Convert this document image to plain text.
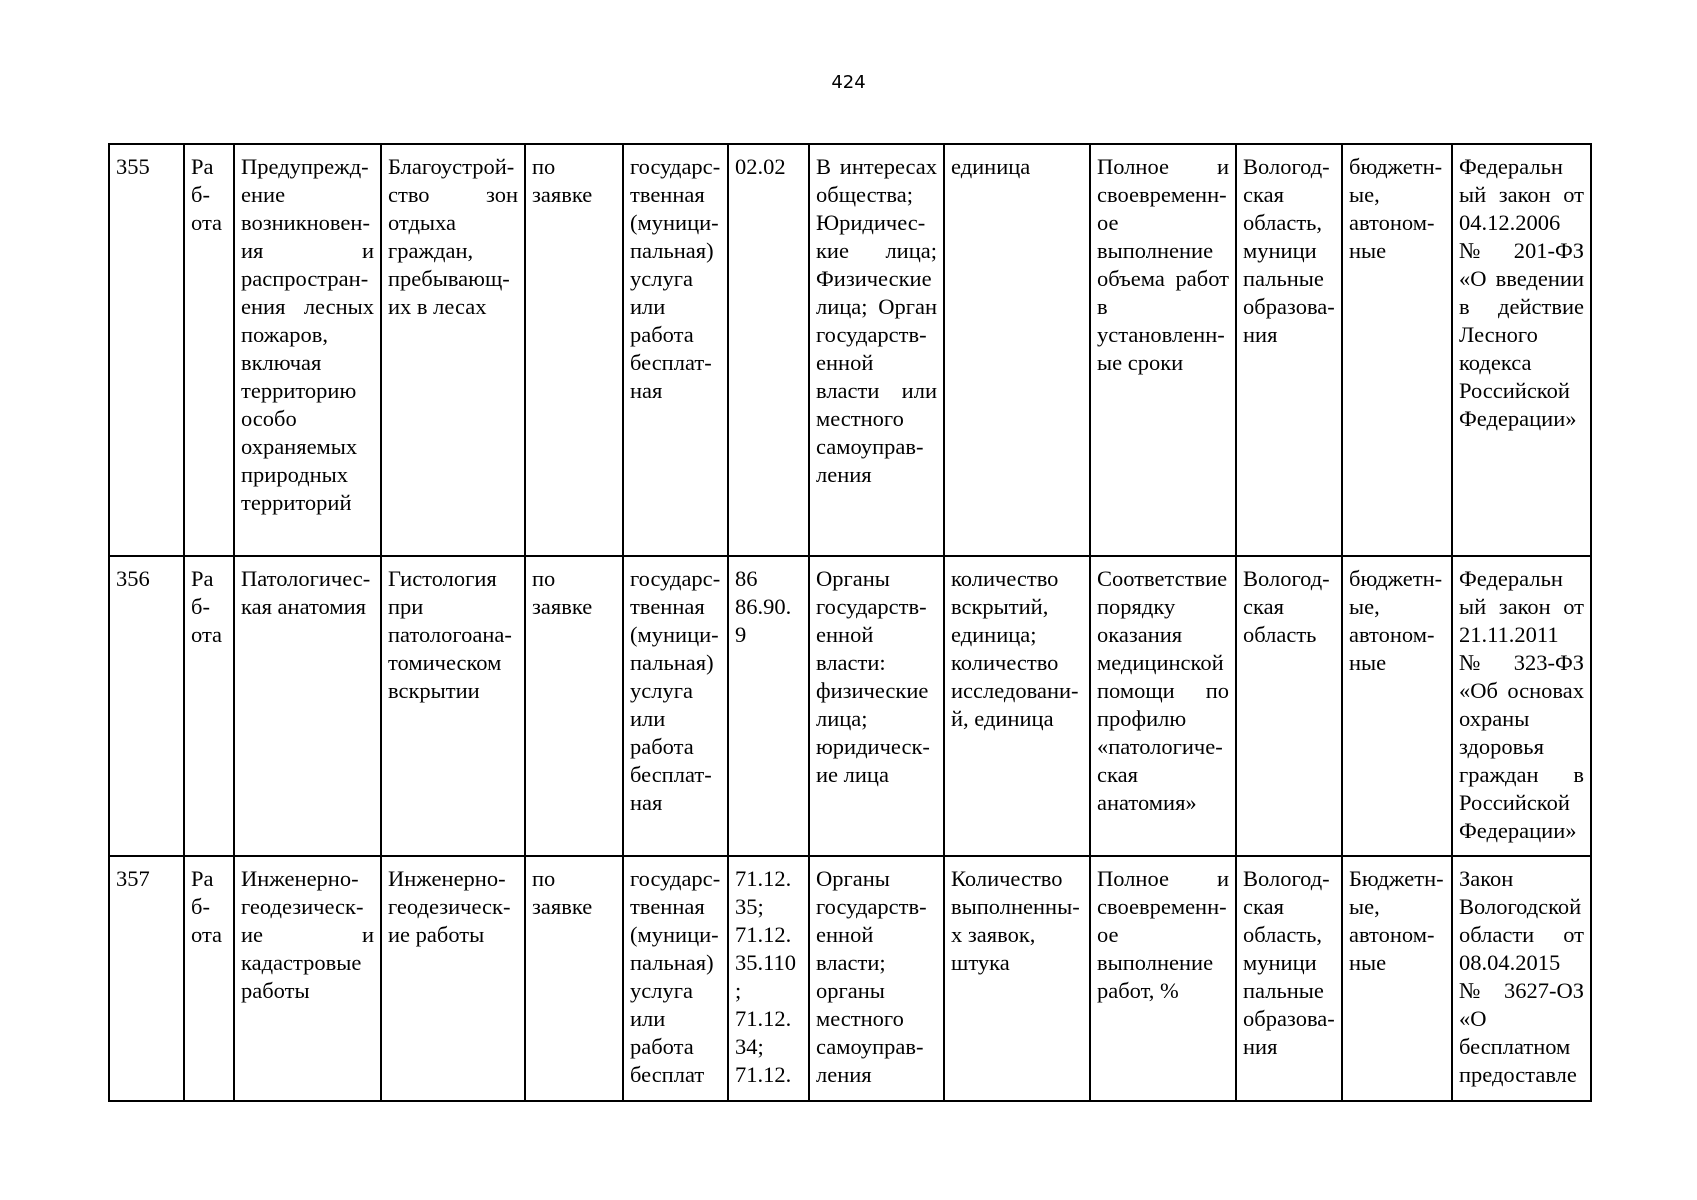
424
355	Работа	Предупреждение возникновения и распространения лесных пожаров, включая территорию особо охраняемых природных территорий	Благоустройство зон отдыха граждан, пребывающих в лесах	по заявке	государственная (муниципальная) услуга или работа бесплатная	02.02	В интересах общества; Юридические лица; Физические лица; Орган государственной власти или местного самоуправления	единица	Полное и своевременное выполнение объема работ в установленные сроки	Вологодская область, муниципальные образования	бюджетные, автономные	Федеральный закон от 04.12.2006 № 201-ФЗ «О введении в действие Лесного кодекса Российской Федерации»
356	Работа	Патологическая анатомия	Гистология при патологоанатомическом вскрытии	по заявке	государственная (муниципальная) услуга или работа бесплатная	86 86.90.​9	Органы государственной власти: физические лица; юридические лица	количество вскрытий, единица; количество исследований, единица	Соответствие порядку оказания медицинской помощи по профилю «патологическая анатомия»	Вологодская область	бюджетные, автономные	Федеральный закон от 21.11.2011 № 323-ФЗ «Об основах охраны здоровья граждан в Российской Федерации»
357	Работа	Инженерно-геодезические и кадастровые работы	Инженерно-геодезические работы	по заявке	государственная (муниципальная) услуга или работа бесплат	71.12.​35; 71.12.​35.110​; 71.12.​34; 71.12.	Органы государственной власти; органы местного самоуправления	Количество выполненных заявок, штука	Полное и своевременное выполнение работ, %	Вологодская область, муниципальные образования	Бюджетные, автономные	Закон Вологодской области от 08.04.2015 № 3627-ОЗ «О бесплатном предоставле
